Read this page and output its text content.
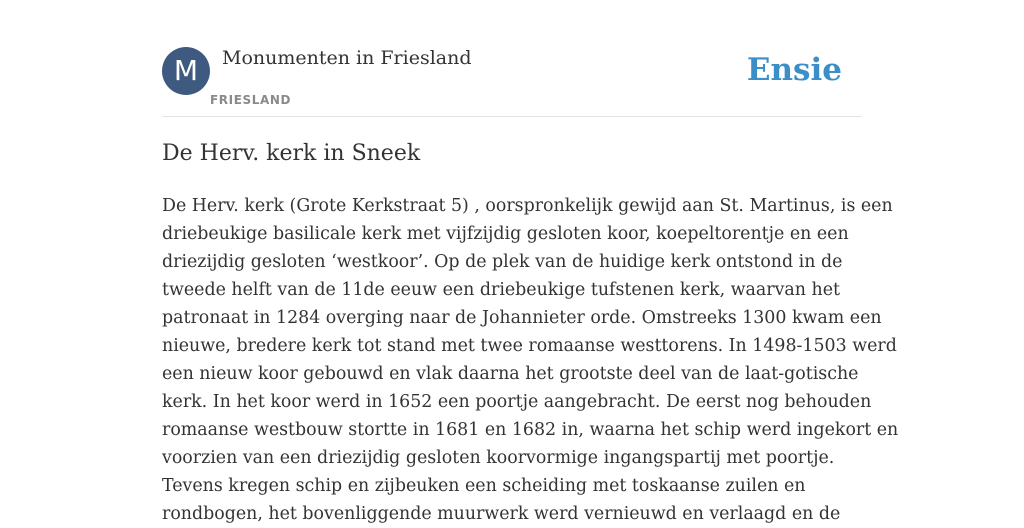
M	Monumenten in Friesland
FRIESLAND
Ensie
De Herv. kerk in Sneek
De Herv. kerk (Grote Kerkstraat 5) , oorspronkelijk gewijd aan St. Martinus, is een
driebeukige basilicale kerk met vijfzijdig gesloten koor, koepeltorentje en een
driezijdig gesloten ‘westkoor’. Op de plek van de huidige kerk ontstond in de
tweede helft van de 11de eeuw een driebeukige tufstenen kerk, waarvan het
patronaat in 1284 overging naar de Johannieter orde. Omstreeks 1300 kwam een
nieuwe, bredere kerk tot stand met twee romaanse westtorens. In 1498-1503 werd
een nieuw koor gebouwd en vlak daarna het grootste deel van de laat-gotische
kerk. In het koor werd in 1652 een poortje aangebracht. De eerst nog behouden
romaanse westbouw stortte in 1681 en 1682 in, waarna het schip werd ingekort en
voorzien van een driezijdig gesloten koorvormige ingangspartij met poortje.
Tevens kregen schip en zijbeuken een scheiding met toskaanse zuilen en
rondbogen, het bovenliggende muurwerk werd vernieuwd en verlaagd en de
